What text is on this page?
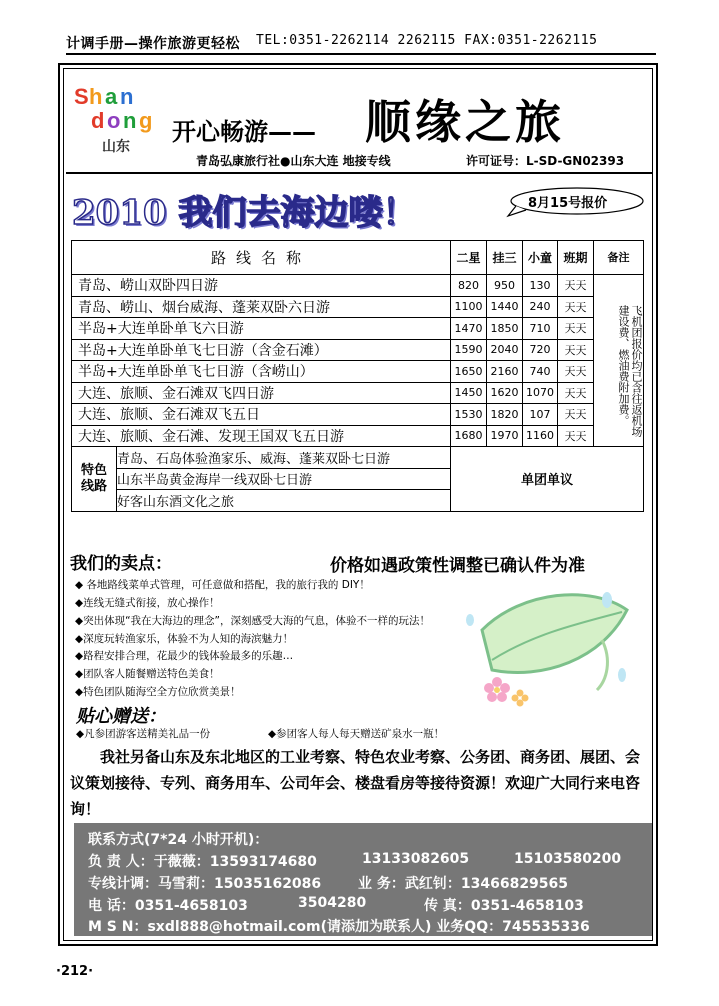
计调手册—操作旅游更轻松 TEL:0351-2262114 2262115 FAX:0351-2262115
S h a n
d o n g
山东
开心畅游—— 顺缘之旅
青岛弘康旅行社●山东大连 地接专线	许可证号：L-SD-GN02393
2010 我们去海边喽！	8月15号报价
路线名称		二星	挂三	小童	班期	备注
青岛、崂山双卧四日游		820	950	130	天天	飞机团报价均已含往返机场建设费、燃油费附加费。
青岛、崂山、烟台威海、蓬莱双卧六日游		1100	1440	240	天天	
半岛+大连单卧单飞六日游		1470	1850	710	天天	
半岛+大连单卧单飞七日游（含金石滩）		1590	2040	720	天天	
半岛+大连单卧单飞七日游（含崂山）		1650	2160	740	天天	
大连、旅顺、金石滩双飞四日游		1450	1620	1070	天天	
大连、旅顺、金石滩双飞五日		1530	1820	107	天天	
大连、旅顺、金石滩、发现王国双飞五日游		1680	1970	1160	天天	
特色线路	青岛、石岛体验渔家乐、威海、蓬莱双卧七日游	单团单议				
	山东半岛黄金海岸一线双卧七日游					
	好客山东酒文化之旅					
我们的卖点：	价格如遇政策性调整已确认件为准
◆ 各地路线菜单式管理，可任意做和搭配，我的旅行我的 DIY！
◆连线无缝式衔接，放心操作！
◆突出体现“我在大海边的理念”，深刻感受大海的气息，体验不一样的玩法！
◆深度玩转渔家乐，体验不为人知的海滨魅力！
◆路程安排合理，花最少的钱体验最多的乐趣…
◆团队客人随餐赠送特色美食！
◆特色团队随海空全方位欣赏美景！
贴心赠送：
◆凡参团游客送精美礼品一份	◆参团客人每人每天赠送矿泉水一瓶！
我社另备山东及东北地区的工业考察、特色农业考察、公务团、商务团、展团、会议策划接待、专列、商务用车、公司年会、楼盘看房等接待资源！欢迎广大同行来电咨询！
联系方式(7*24 小时开机)：
负 责 人：于薇薇：13593174680	13133082605	15103580200
专线计调：马雪莉：15035162086	业 务：武红钊：13466829565
电 话：0351-4658103	3504280	传 真：0351-4658103
M S N：sxdl888@hotmail.com(请添加为联系人) 业务QQ：745535336
·212·
